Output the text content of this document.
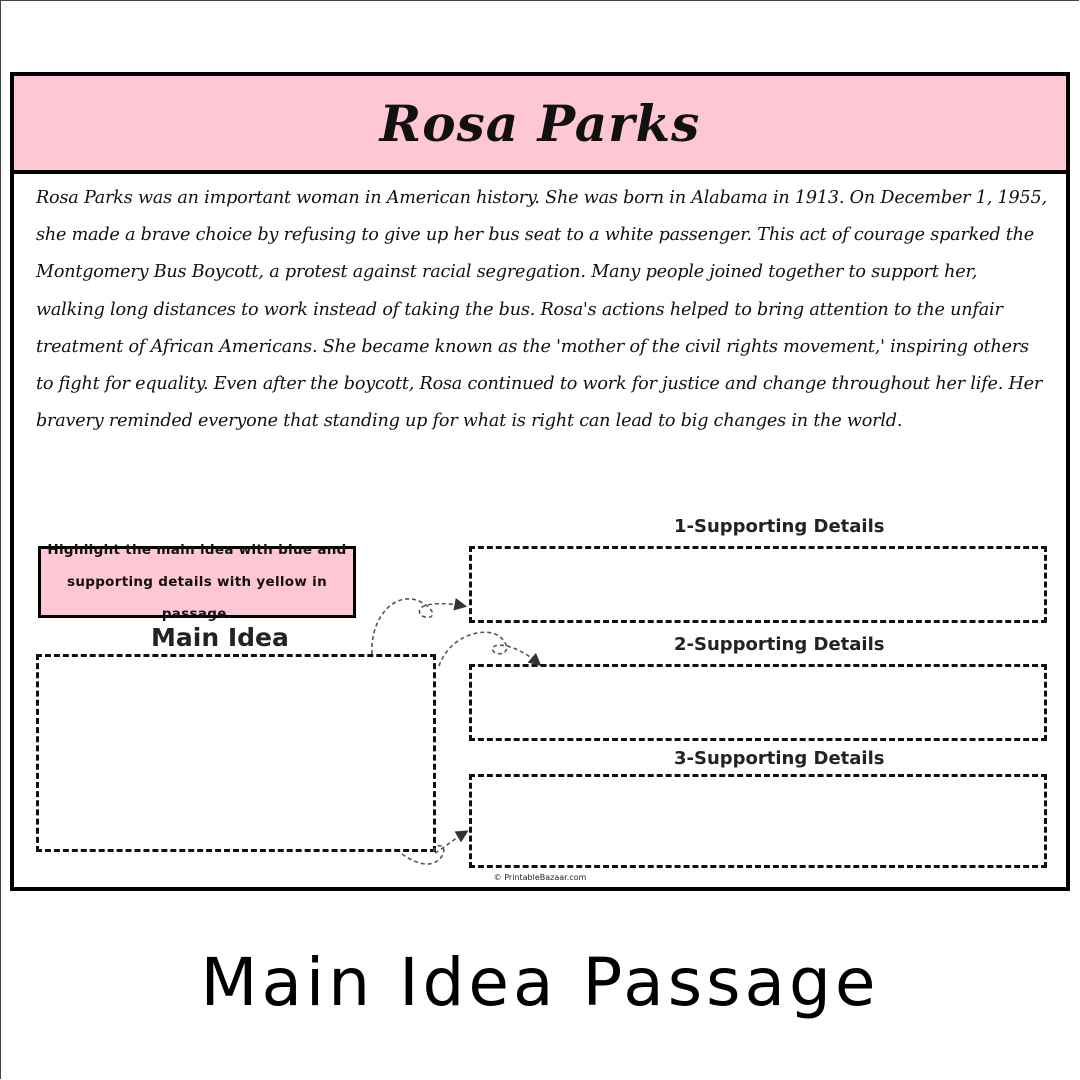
Rosa Parks
Rosa Parks was an important woman in American history. She was born in Alabama in 1913. On December 1, 1955, she made a brave choice by refusing to give up her bus seat to a white passenger. This act of courage sparked the Montgomery Bus Boycott, a protest against racial segregation. Many people joined together to support her, walking long distances to work instead of taking the bus. Rosa's actions helped to bring attention to the unfair treatment of African Americans. She became known as the 'mother of the civil rights movement,' inspiring others to fight for equality. Even after the boycott, Rosa continued to work for justice and change throughout her life. Her bravery reminded everyone that standing up for what is right can lead to big changes in the world.
Highlight the main idea with blue and supporting details with yellow in passage.
Main Idea
1-Supporting Details
2-Supporting Details
3-Supporting Details
© PrintableBazaar.com
Main Idea Passage
